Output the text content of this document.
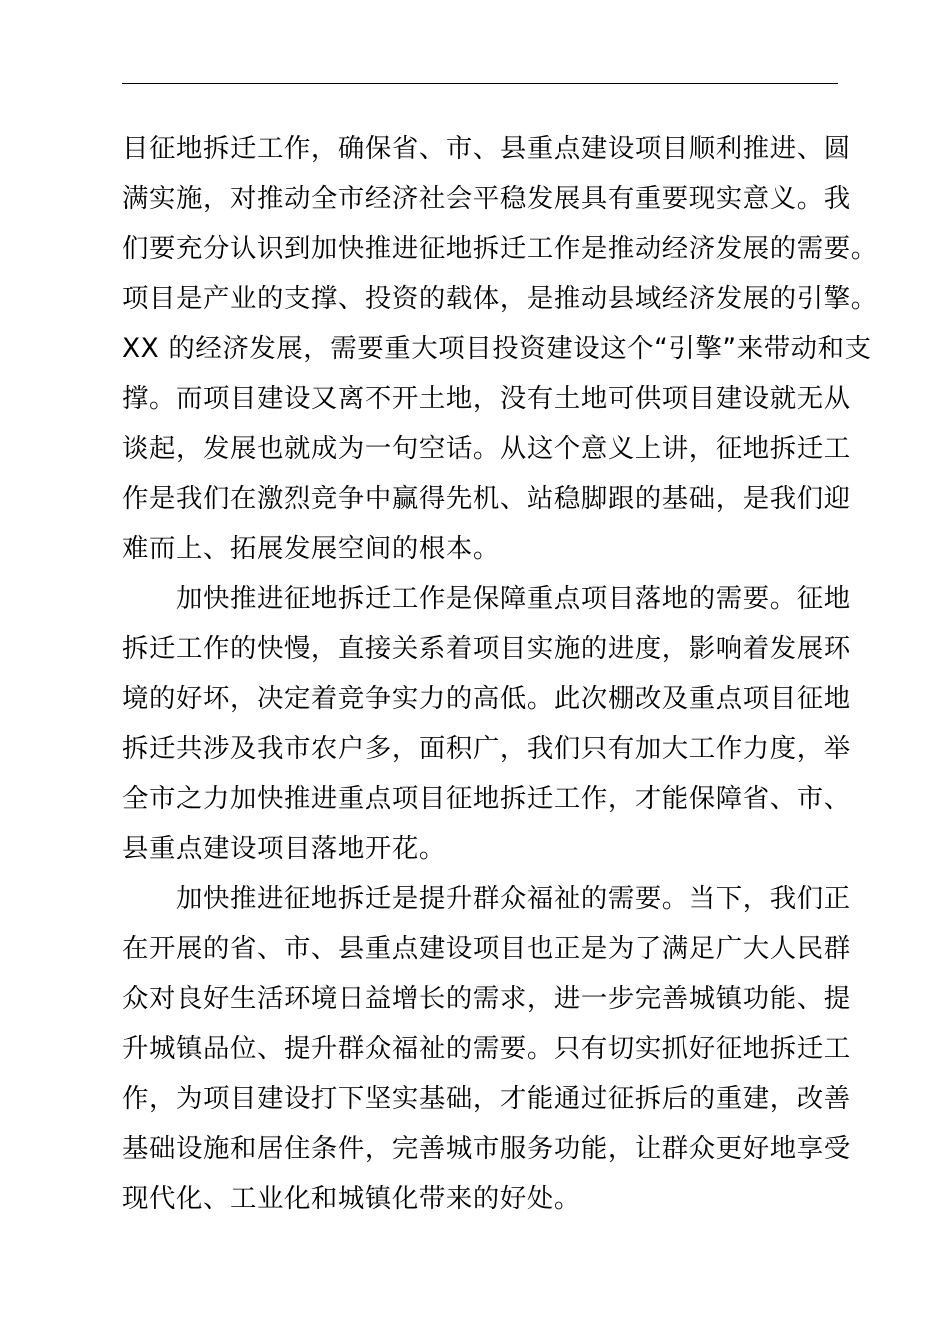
目征地拆迁工作，确保省、市、县重点建设项目顺利推进、圆
满实施，对推动全市经济社会平稳发展具有重要现实意义。我
们要充分认识到加快推进征地拆迁工作是推动经济发展的需要。
项目是产业的支撑、投资的载体，是推动县域经济发展的引擎。
XX 的经济发展，需要重大项目投资建设这个“引擎”来带动和支
撑。而项目建设又离不开土地，没有土地可供项目建设就无从
谈起，发展也就成为一句空话。从这个意义上讲，征地拆迁工
作是我们在激烈竞争中赢得先机、站稳脚跟的基础，是我们迎
难而上、拓展发展空间的根本。
　　加快推进征地拆迁工作是保障重点项目落地的需要。征地
拆迁工作的快慢，直接关系着项目实施的进度，影响着发展环
境的好坏，决定着竞争实力的高低。此次棚改及重点项目征地
拆迁共涉及我市农户多，面积广，我们只有加大工作力度，举
全市之力加快推进重点项目征地拆迁工作，才能保障省、市、
县重点建设项目落地开花。
　　加快推进征地拆迁是提升群众福祉的需要。当下，我们正
在开展的省、市、县重点建设项目也正是为了满足广大人民群
众对良好生活环境日益增长的需求，进一步完善城镇功能、提
升城镇品位、提升群众福祉的需要。只有切实抓好征地拆迁工
作，为项目建设打下坚实基础，才能通过征拆后的重建，改善
基础设施和居住条件，完善城市服务功能，让群众更好地享受
现代化、工业化和城镇化带来的好处。
